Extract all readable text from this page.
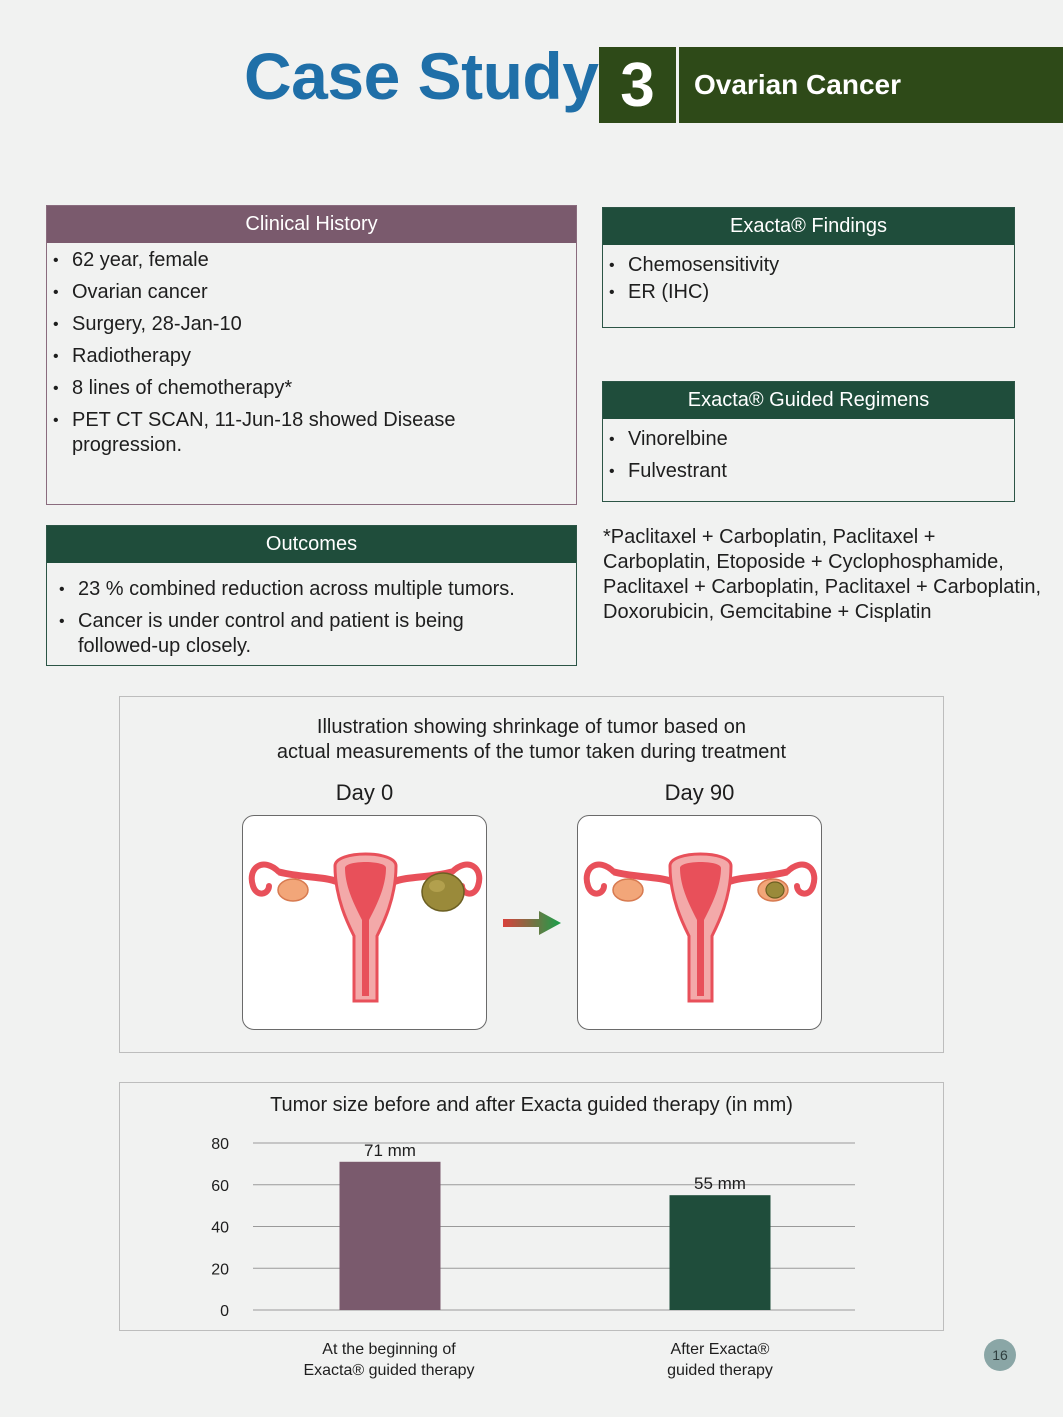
Case Study 3	Ovarian Cancer
Clinical History
• 62 year, female
• Ovarian cancer
• Surgery, 28-Jan-10
• Radiotherapy
• 8 lines of chemotherapy*
• PET CT SCAN, 11-Jun-18 showed Disease progression.
Exacta® Findings
• Chemosensitivity
• ER (IHC)
Exacta® Guided Regimens
• Vinorelbine
• Fulvestrant
Outcomes
• 23 % combined reduction across multiple tumors.
• Cancer is under control and patient is being followed-up closely.
*Paclitaxel + Carboplatin, Paclitaxel + Carboplatin, Etoposide + Cyclophosphamide, Paclitaxel + Carboplatin, Paclitaxel + Carboplatin, Doxorubicin, Gemcitabine + Cisplatin
Illustration showing shrinkage of tumor based on
actual measurements of the tumor taken during treatment
Day 0	Day 90
Tumor size before and after Exacta guided therapy (in mm)
0
20
40
60
80	71 mm
55 mm
At the beginning of
Exacta® guided therapy
After Exacta®
guided therapy
16
